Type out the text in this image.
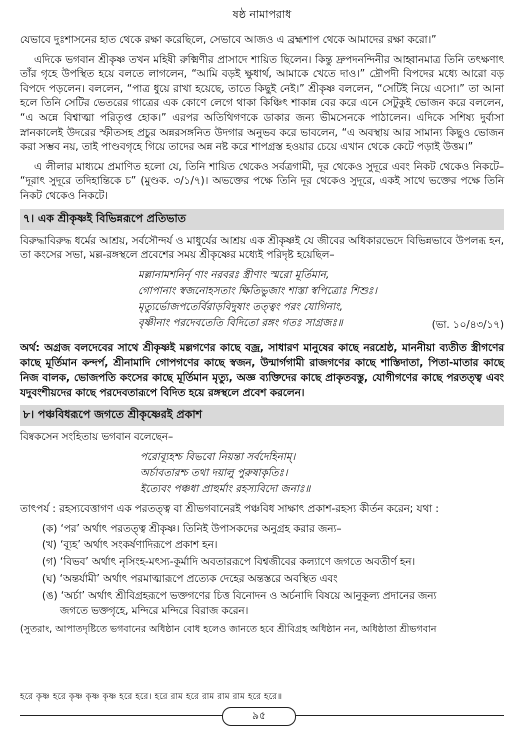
ষষ্ঠ নামাপরাধ

যেভাবে দুঃশাসনের হাত থেকে রক্ষা করেছিলে, সেভাবে আজও এ ব্রহ্মশাপ থেকে আমাদের রক্ষা করো।”

এদিকে ভগবান শ্রীকৃষ্ণ তখন মহিষী রুক্মিণীর প্রাসাদে শায়িত ছিলেন। কিন্তু দ্রুপদনন্দিনীর আহ্বানমাত্র তিনি তৎক্ষণাৎ তাঁর গৃহে উপস্থিত হয়ে বলতে লাগলেন, “আমি বড়ই ক্ষুধার্থ, আমাকে খেতে দাও।” দ্রৌপদী বিপদের মধ্যে আরো বড় বিপদে পড়লেন। বললেন, “পাত্র ধুয়ে রাখা হয়েছে, তাতে কিছুই নেই।” শ্রীকৃষ্ণ বললেন, “সেটিই নিয়ে এসো।” তা আনা হলে তিনি সেটির ভেতরের গাত্রের এক কোণে লেগে থাকা কিঞ্চিৎ শাকান্ন বের করে এনে সেটুকুই ভোজন করে বললেন, “এ অন্নে বিশ্বাত্মা পরিতৃপ্ত হোক।” এরপর অতিথিগণকে ডাকার জন্য ভীমসেনকে পাঠালেন। এদিকে সশিষ্য দুর্বাসা স্নানকালেই উদরের স্ফীতসহ প্রচুর অন্নরসঙ্গনিত উদগার অনুভব করে ভাবলেন, “এ অবস্থায় আর সামান্য কিছুও ভোজন করা সম্ভব নয়, তাই পাণ্ডবগৃহে গিয়ে তাদের অন্ন নষ্ট করে শাপগ্রস্ত হওয়ার চেয়ে এখান থেকে কেটে পড়াই উত্তম।”

এ লীলার মাধ্যমে প্রমাণিত হলো যে, তিনি শায়িত থেকেও সর্বত্রগামী, দূর থেকেও সুদূরে এবং নিকট থেকেও নিকটে– “দূরাৎ সুদূরে তদিহান্তিকে চ” (মুণ্ডক. ৩/১/৭)। অভক্তের পক্ষে তিনি দূর থেকেও সুদূরে, একই সাথে ভক্তের পক্ষে তিনি নিকট থেকেও নিকটে।

৭। এক শ্রীকৃষ্ণই বিভিন্নরূপে প্রতিভাত

বিরুদ্ধাবিরুদ্ধ ধর্মের আশ্রয়, সর্বসৌন্দর্য ও মাধুর্যের আশ্রয় এক শ্রীকৃষ্ণই যে জীবের অধিকারভেদে বিভিন্নভাবে উপলব্ধ হন, তা কংসের সভা, মল্ল-রঙ্গস্থলে প্রবেশের সময় শ্রীকৃষ্ণের মধ্যেই পরিদৃষ্ট হয়েছিল–

মল্লানামশনির্নৃ ণাং নরবরঃ স্ত্রীণাং স্মরো মূর্তিমান,
গোপানাং স্বজনোহসতাং ক্ষিতিভুজাং শাস্তা স্বপিত্রোঃ শিশুঃ।
মৃত্যুর্ভোজপতের্বিরাড়বিদুষাং তত্ত্বং পরং যোগিনাং,
বৃষ্ণীনাং পরদেবতেতি বিদিতো রঙ্গং গতঃ সাগ্রজঃ॥	(ভা. ১০/৪৩/১৭)
অর্থ: অগ্রজ বলদেবের সাথে শ্রীকৃষ্ণই মল্লগণের কাছে বজ্র, সাধারণ মানুষের কাছে নরশ্রেষ্ঠ, মাননীয়া ব্যতীত স্ত্রীগণের কাছে মূর্তিমান কন্দর্প, শ্রীনামাদি গোপগণের কাছে স্বজন, উন্মার্গগামী রাজগণের কাছে শাস্তিদাতা, পিতা-মাতার কাছে নিজ বালক, ভোজপতি কংসের কাছে মূর্তিমান মৃত্যু, অজ্ঞ ব্যক্তিদের কাছে প্রাকৃতবস্তু, যোগীগণের কাছে পরতত্ত্ব এবং যদুবংশীয়দের কাছে পরদেবতারূপে বিদিত হয়ে রঙ্গস্থলে প্রবেশ করলেন।
৮। পঞ্চবিধরূপে জগতে শ্রীকৃষ্ণেরই প্রকাশ

বিষ্বকসেন সংহিতায় ভগবান বলেছেন–

পরোব্যূহশ্চ বিভবো নিয়ন্তা সর্বদেহিনাম্।
অর্চাবতারশ্চ তথা দয়ালু পুরুষাকৃতিঃ।
ইত্যেবং পঞ্চধা প্রাহুর্মাং রহস্যবিদো জনাঃ॥

তাৎপর্য : রহস্যবেত্তাগণ এক পরতত্ত্ব বা শ্রীভগবানেরই পঞ্চবিধ সাক্ষাৎ প্রকাশ-রহস্য কীর্তন করেন; যথা :

(ক) ‘পর’ অর্থাৎ পরতত্ত্ব শ্রীকৃষ্ণ। তিনিই উপাসকদের অনুগ্রহ করার জন্য–
(খ) ‘ব্যূহ’ অর্থাৎ সংকর্ষণাদিরূপে প্রকাশ হন।
(গ) ‘বিভব’ অর্থাৎ নৃসিংহ-মৎস্য-কূর্মাদি অবতাররূপে বিশ্বজীবের কল্যাণে জগতে অবতীর্ণ হন।
(ঘ) ‘অন্তর্যামী’ অর্থাৎ পরমাত্মারূপে প্রত্যেক দেহের অন্তস্তরে অবস্থিত এবং
(ঙ) ‘অর্চা’ অর্থাৎ শ্রীবিগ্রহরূপে ভক্তগণের চিত্ত বিনোদন ও অর্চনাদি বিষয়ে আনুকূল্য প্রদানের জন্য
জগতে ভক্তগৃহে, মন্দিরে মন্দিরে বিরাজ করেন।

(সুতরাং, আপাতদৃষ্টিতে ভগবানের অধিষ্ঠান বোধ হলেও জানতে হবে শ্রীবিগ্রহ অধিষ্ঠান নন, অধিষ্ঠাতা শ্রীভগবান

হরে কৃষ্ণ হরে কৃষ্ণ কৃষ্ণ কৃষ্ণ হরে হরে। হরে রাম হরে রাম রাম রাম হরে হরে॥
৯৫
